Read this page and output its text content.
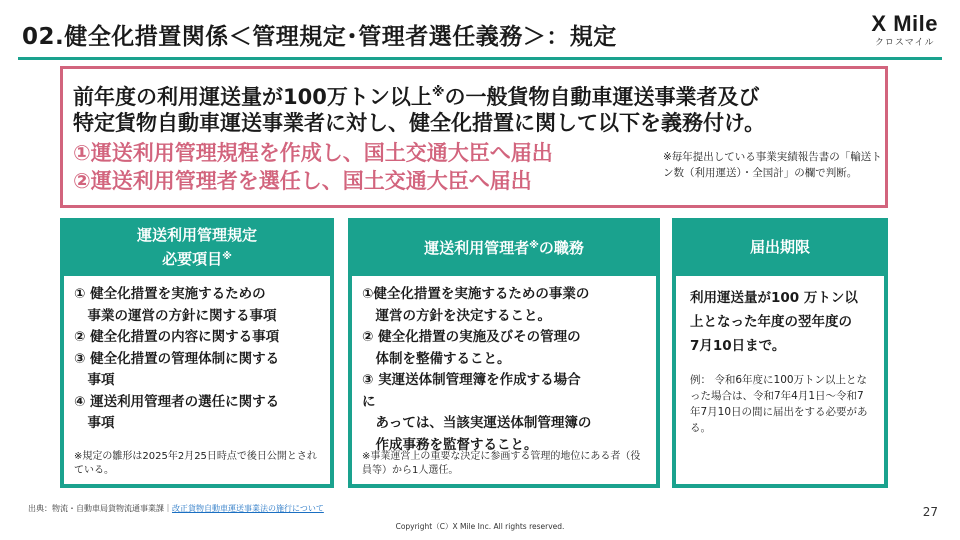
02.健全化措置関係＜管理規定･管理者選任義務＞：規定
X Mile
クロスマイル
前年度の利用運送量が100万トン以上※の一般貨物自動車運送事業者及び
特定貨物自動車運送事業者に対し、健全化措置に関して以下を義務付け。
①運送利用管理規程を作成し、国土交通大臣へ届出
②運送利用管理者を選任し、国土交通大臣へ届出
※毎年提出している事業実績報告書の「輸送トン数（利用運送）・全国計」の欄で判断。
運送利用管理規定
必要項目※
① 健全化措置を実施するための
　事業の運営の方針に関する事項
② 健全化措置の内容に関する事項
③ 健全化措置の管理体制に関する
　事項
④ 運送利用管理者の選任に関する
　事項
※規定の雛形は2025年2月25日時点で後日公開とされている。
運送利用管理者※の職務
①健全化措置を実施するための事業の
　運営の方針を決定すること。
② 健全化措置の実施及びその管理の
　体制を整備すること。
③ 実運送体制管理簿を作成する場合
に
　あっては、当該実運送体制管理簿の
　作成事務を監督すること。
※事業運営上の重要な決定に参画する管理的地位にある者（役員等）から1人選任。
届出期限
利用運送量が100 万トン以
上となった年度の翌年度の
7月10日まで。
例： 令和6年度に100万トン以上となった場合は、令和7年4月1日～令和7年7月10日の間に届出をする必要がある。
出典：物流・自動車局貨物流通事業課｜改正貨物自動車運送事業法の施行について	27
Copyright（C）X Mile Inc. All rights reserved.
